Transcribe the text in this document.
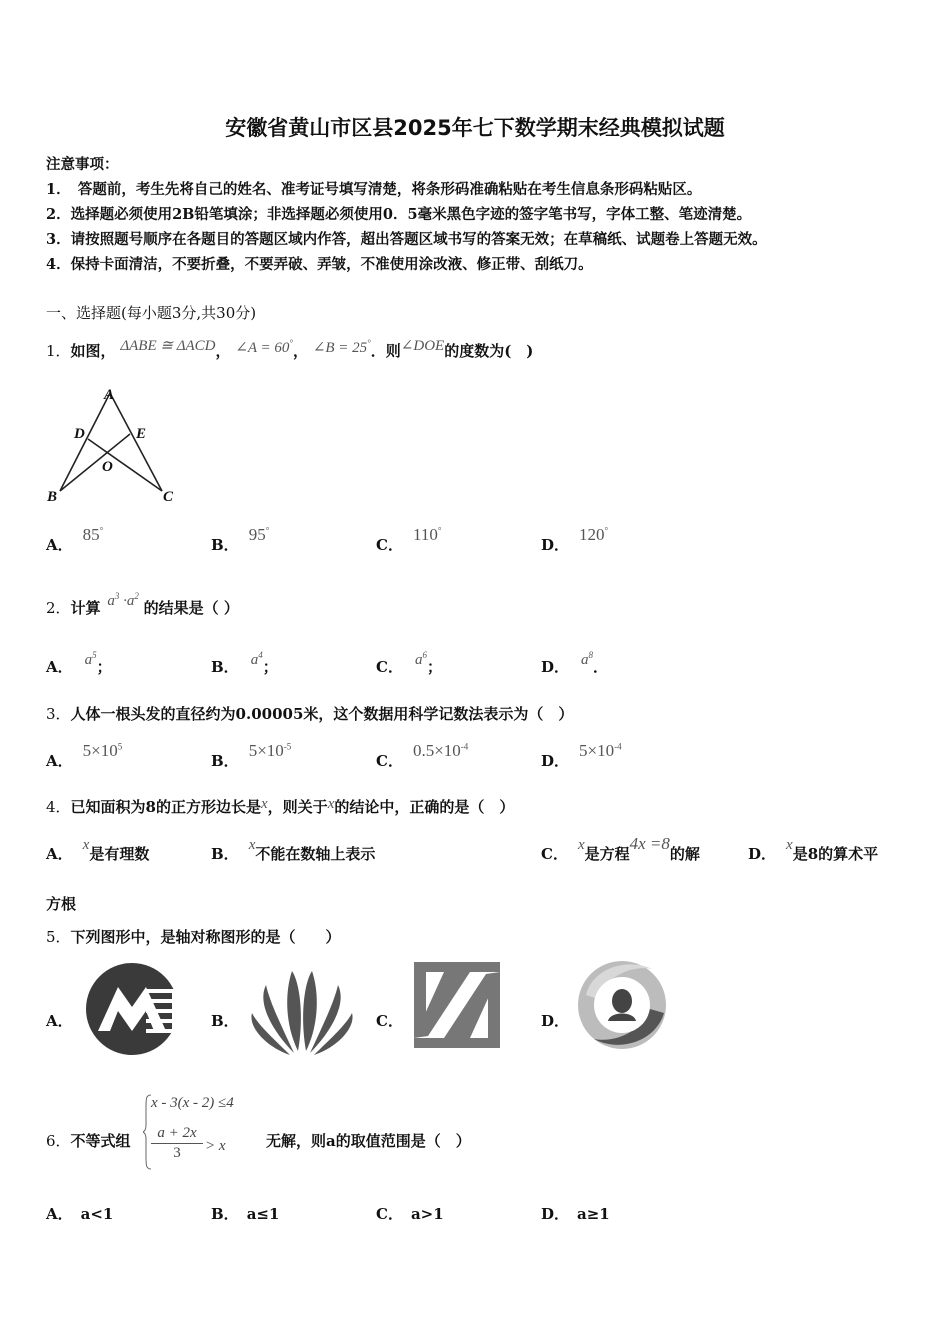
安徽省黄山市区县2025年七下数学期末经典模拟试题
注意事项：
1．　答题前，考生先将自己的姓名、准考证号填写清楚，将条形码准确粘贴在考生信息条形码粘贴区。
2．选择题必须使用2B铅笔填涂；非选择题必须使用0．5毫米黑色字迹的签字笔书写，字体工整、笔迹清楚。
3．请按照题号顺序在各题目的答题区域内作答，超出答题区域书写的答案无效；在草稿纸、试题卷上答题无效。
4．保持卡面清洁，不要折叠，不要弄破、弄皱，不准使用涂改液、修正带、刮纸刀。
一、选择题(每小题3分,共30分)
1．如图， ΔABE ≅ ΔACD， ∠A = 60°， ∠B = 25°．则∠DOE的度数为(　)
A
D	E
O
B	C
A．85°
B．95°
C．110°
D．120°
2．计算 $a^3 \cdot a^2$ 的结果是（ ）
A． $a^5$；	B． $a^4$；	C． $a^6$；	D． $a^8$．
3．人体一根头发的直径约为0.00005米，这个数据用科学记数法表示为（　）
A．$5\times 10^5$
B．$5\times 10^{-5}$
C．$0.5\times 10^{-4}$
D．$5\times 10^{-4}$
4．已知面积为8的正方形边长是x，则关于x的结论中，正确的是（　）
A． x是有理数	B． x不能在数轴上表示	C． x是方程4x =8的解	D． x是8的算术平
方根
5．下列图形中，是轴对称图形的是（　　）
A．	B．	C．	D．
6．不等式组
x - 3(x - 2) ≤4
$\frac{a + 2x}{3} > x$	无解，则a的取值范围是（　）
A． a<1	B． a≤1	C． a>1	D． a≥1
